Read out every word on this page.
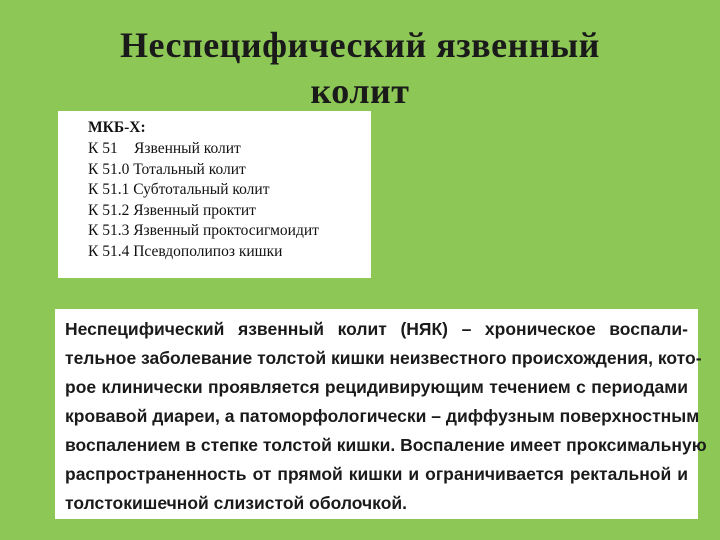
Неспецифический язвенный
колит
МКБ-Х:
К 51 Язвенный колит
К 51.0 Тотальный колит
К 51.1 Субтотальный колит
К 51.2 Язвенный проктит
К 51.3 Язвенный проктосигмоидит
К 51.4 Псевдополипоз кишки

Неспецифический язвенный колит (НЯК) – хроническое воспали-
тельное заболевание толстой кишки неизвестного происхождения, кото-
рое клинически проявляется рецидивирующим течением с периодами
кровавой диареи, а патоморфологически – диффузным поверхностным
воспалением в степке толстой кишки. Воспаление имеет проксимальную
распространенность от прямой кишки и ограничивается ректальной и
толстокишечной слизистой оболочкой.
